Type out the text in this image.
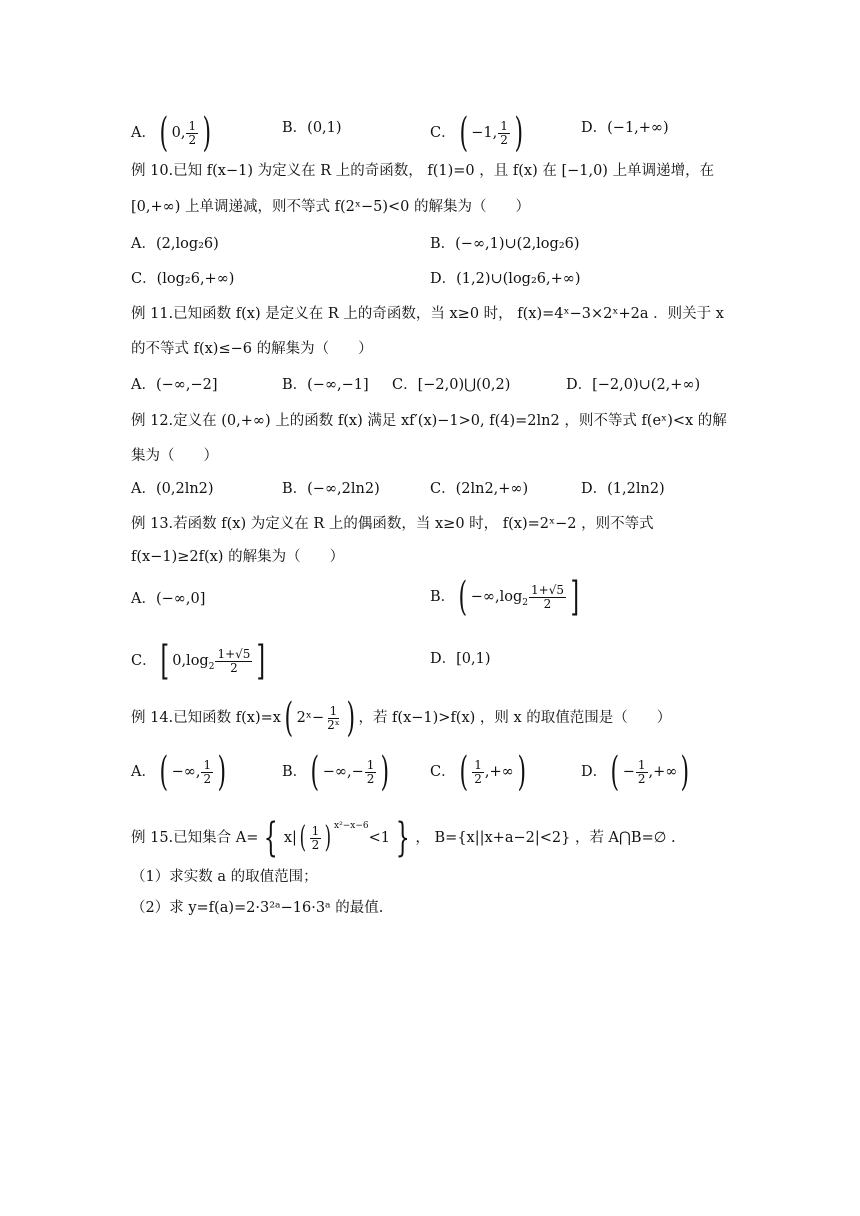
A．( 0, $\frac{1}{2}$ )	B．(0,1)	C．( −1, $\frac{1}{2}$ )	D．(−1,+∞)
例 10.已知 f(x−1) 为定义在 R 上的奇函数， f(1)=0 ，且 f(x) 在 [−1,0) 上单调递增，在
[0,+∞) 上单调递减，则不等式 f(2ˣ−5)<0 的解集为（　　）
A．(2,log₂6)	B．(−∞,1)∪(2,log₂6)
C．(log₂6,+∞)	D．(1,2)∪(log₂6,+∞)
例 11.已知函数 f(x) 是定义在 R 上的奇函数，当 x≥0 时， f(x)=4ˣ−3×2ˣ+2a ．则关于 x
的不等式 f(x)≤−6 的解集为（　　）
A．(−∞,−2]	B．(−∞,−1] C．[−2,0)⋃(0,2)	D．[−2,0)∪(2,+∞)
例 12.定义在 (0,+∞) 上的函数 f(x) 满足 xf′(x)−1>0, f(4)=2ln2 ，则不等式 f(eˣ)<x 的解
集为（　　）
A．(0,2ln2)	B．(−∞,2ln2)	C．(2ln2,+∞)	D．(1,2ln2)
例 13.若函数 f(x) 为定义在 R 上的偶函数，当 x≥0 时， f(x)=2ˣ−2 ，则不等式
f(x−1)≥2f(x) 的解集为（　　）
A．(−∞,0]	B．( $-\infty,\log_2 \frac{1+√5}{2}$ ]
C．[ $0,\log_2 \frac{1+√5}{2}$ ]	D．[0,1)
例 14.已知函数 f(x)=x( 2ˣ− $\frac{1}{\text{2ˣ}}$ ) ，若 f(x−1)>f(x) ，则 x 的取值范围是（　　）
A．( −∞, $\frac{1}{2}$ )	B．( −∞,− $\frac{1}{2}$ )	C．( $\frac{1}{2}$ ,+∞)	D．( − $\frac{1}{2}$ ,+∞)
例 15.已知集合 A= { $x|( \frac{1}{2}$ ) $^{x^2-x-6}$<1 } ， B={x||x+a−2|<2} ，若 A⋂B=∅ .
（1）求实数 a 的取值范围；
（2）求 y=f(a)=2·3²ᵃ−16·3ᵃ 的最值.
